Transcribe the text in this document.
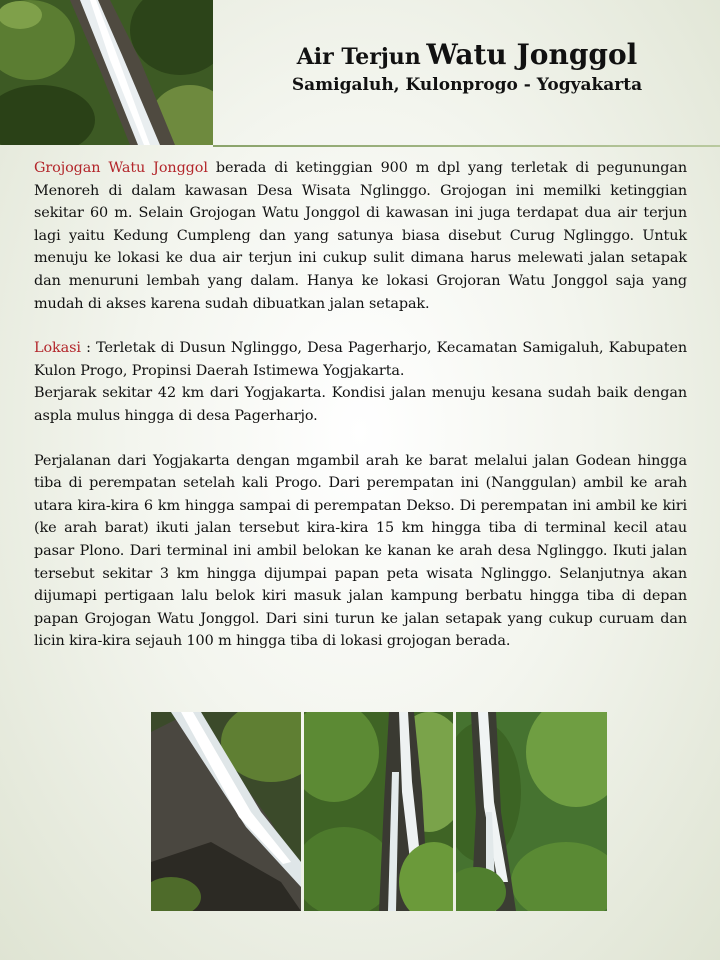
Air Terjun Watu Jonggol
Samigaluh, Kulonprogo - Yogyakarta

Grojogan Watu Jonggol berada di ketinggian 900 m dpl yang terletak di pegunungan Menoreh di dalam kawasan Desa Wisata Nglinggo. Grojogan ini memilki ketinggian sekitar 60 m. Selain Grojogan Watu Jonggol di kawasan ini juga terdapat dua air terjun lagi yaitu Kedung Cumpleng dan yang satunya biasa disebut Curug Nglinggo. Untuk menuju ke lokasi ke dua air terjun ini cukup sulit dimana harus melewati jalan setapak dan menuruni lembah yang dalam. Hanya ke lokasi Grojoran Watu Jonggol saja yang mudah di akses karena sudah dibuatkan jalan setapak.

Lokasi : Terletak di Dusun Nglinggo, Desa Pagerharjo, Kecamatan Samigaluh, Kabupaten Kulon Progo, Propinsi Daerah Istimewa Yogjakarta.

Berjarak sekitar 42 km dari Yogjakarta. Kondisi jalan menuju kesana sudah baik dengan aspla mulus hingga di desa Pagerharjo.

Perjalanan dari Yogjakarta dengan mgambil arah ke barat melalui jalan Godean hingga tiba di perempatan setelah kali Progo. Dari perempatan ini (Nanggulan) ambil ke arah utara kira-kira 6 km hingga sampai di perempatan Dekso. Di perempatan ini ambil ke kiri (ke arah barat) ikuti jalan tersebut kira-kira 15 km hingga tiba di terminal kecil atau pasar Plono. Dari terminal ini ambil belokan ke kanan ke arah desa Nglinggo. Ikuti jalan tersebut sekitar 3 km hingga dijumpai papan peta wisata Nglinggo. Selanjutnya akan dijumapi pertigaan lalu belok kiri masuk jalan kampung berbatu hingga tiba di depan papan Grojogan Watu Jonggol. Dari sini turun ke jalan setapak yang cukup curuam dan licin kira-kira sejauh 100 m hingga tiba di lokasi grojogan berada.
